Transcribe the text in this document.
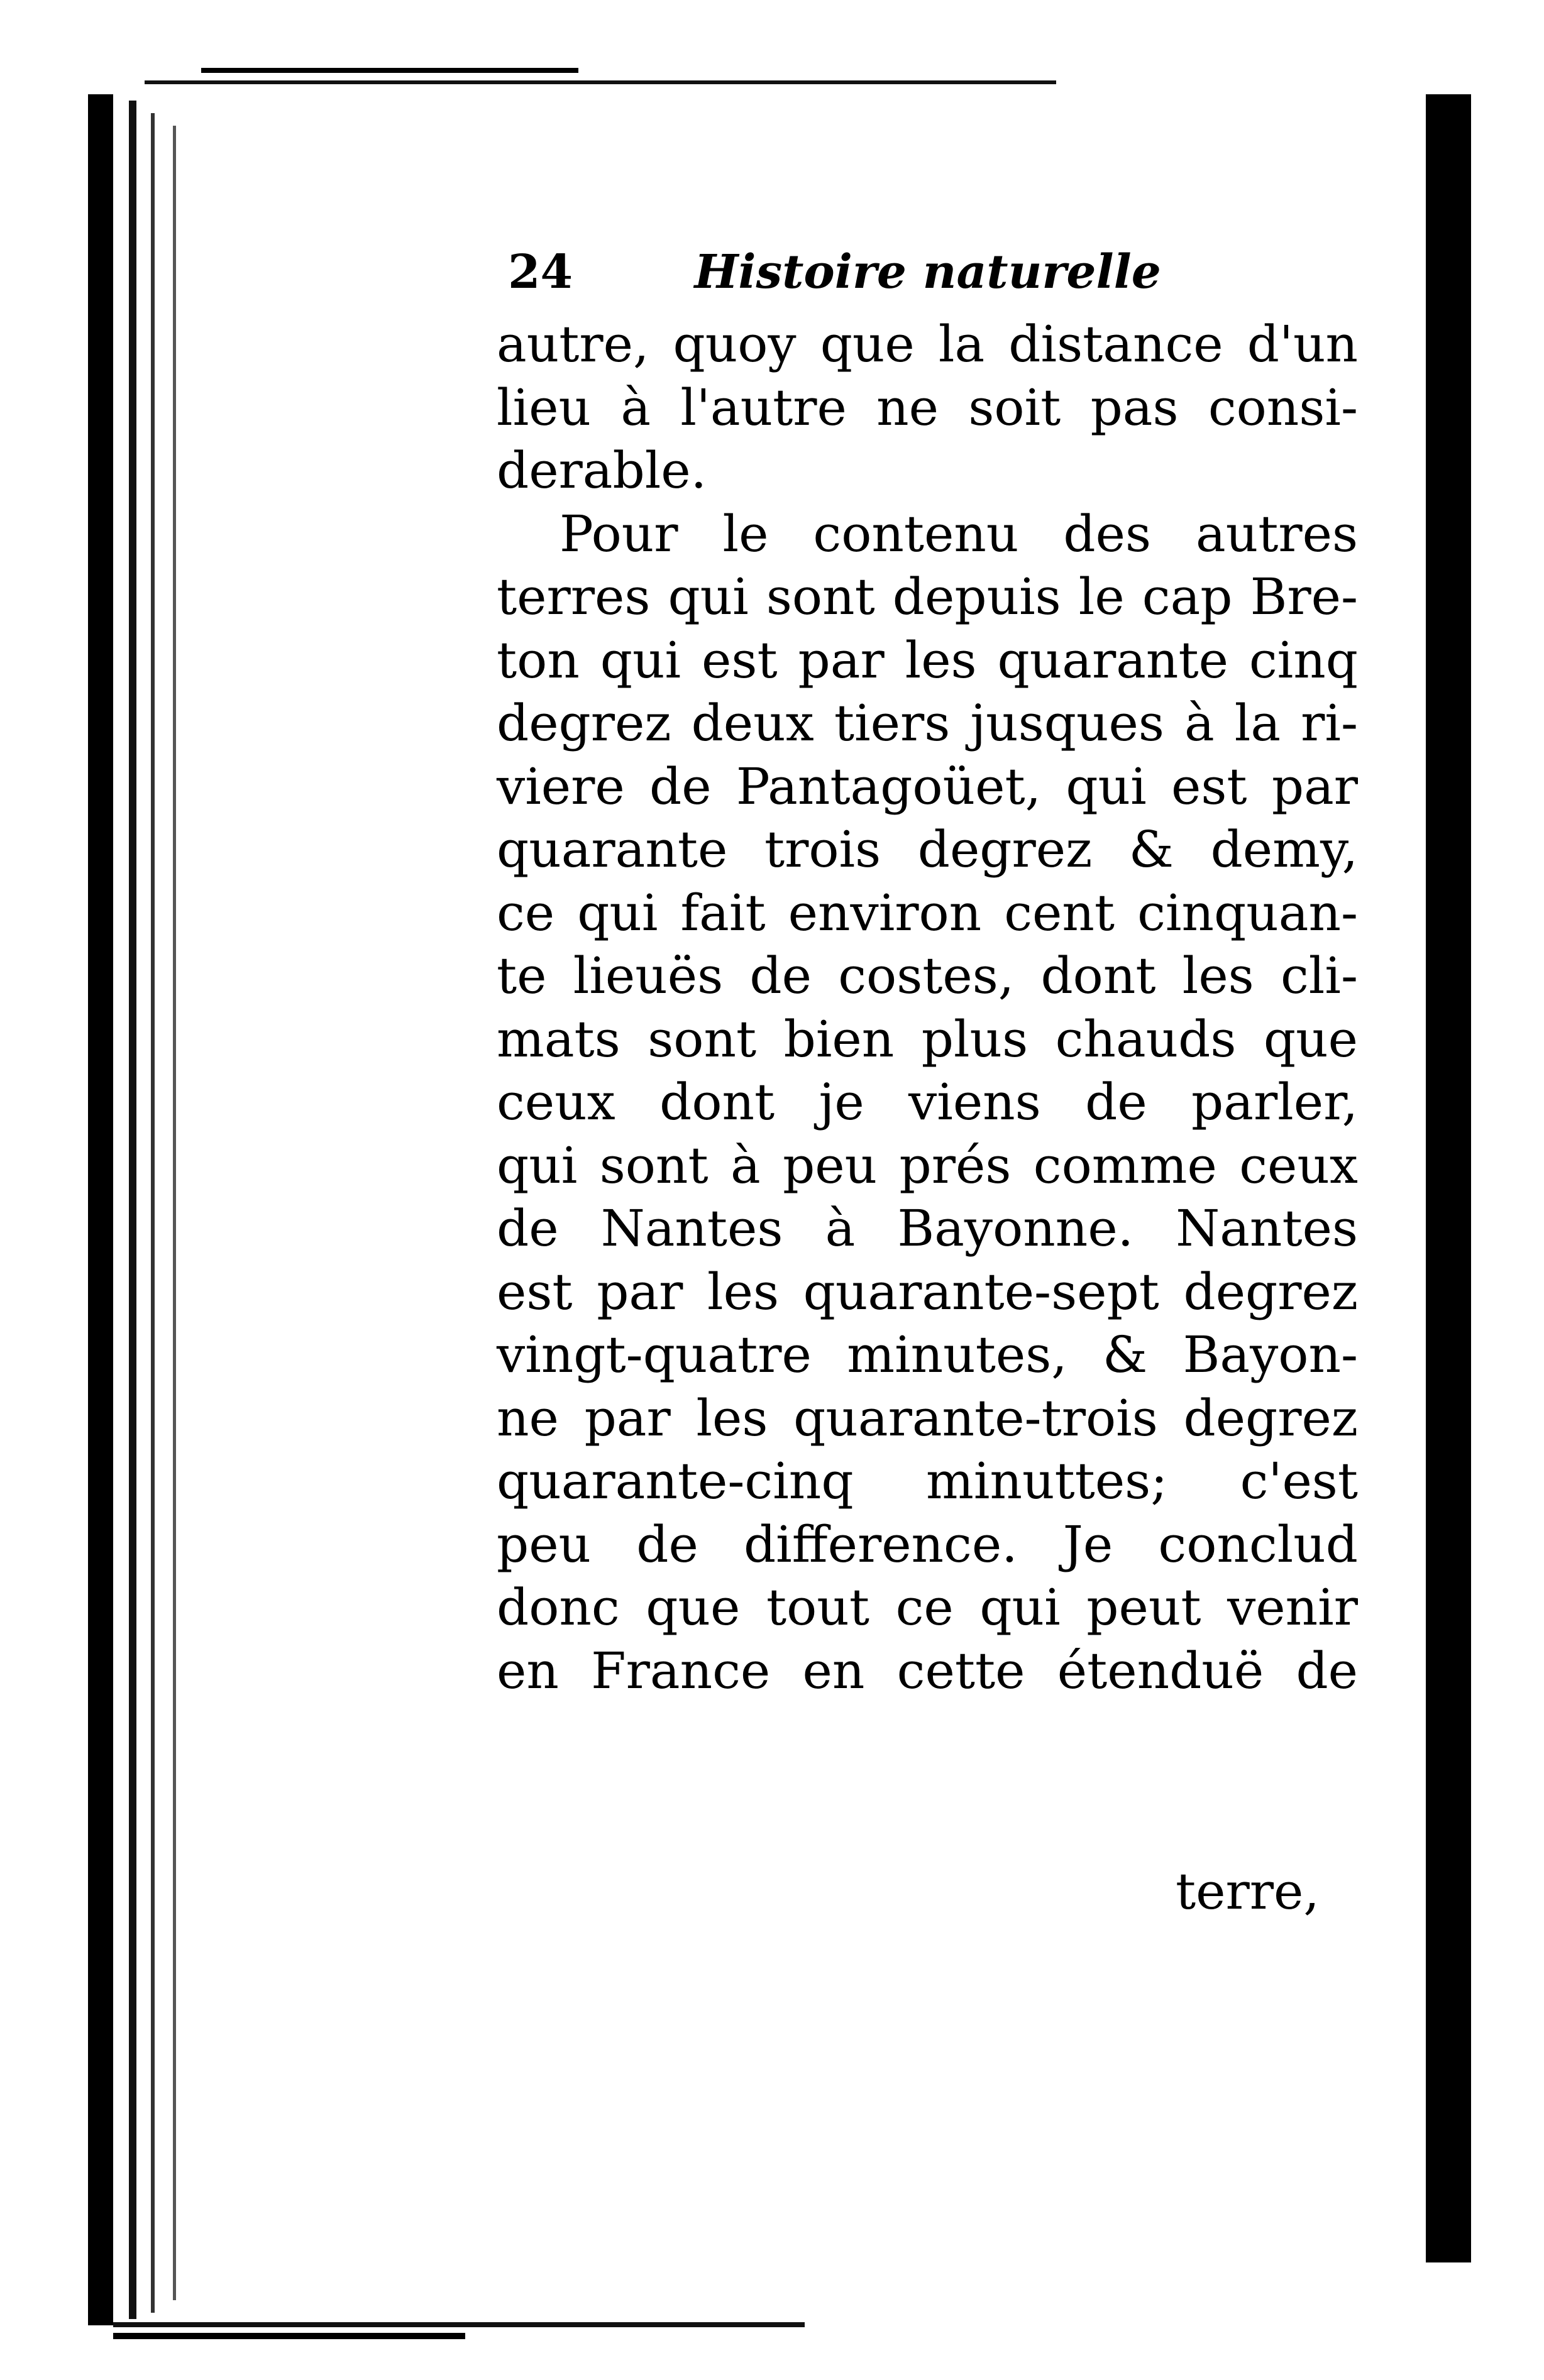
24	Histoire naturelle
autre, quoy que la distance d'un
lieu à l'autre ne soit pas consi-
derable.
Pour le contenu des autres
terres qui sont depuis le cap Bre-
ton qui est par les quarante cinq
degrez deux tiers jusques à la ri-
viere de Pantagoüet, qui est par
quarante trois degrez & demy,
ce qui fait environ cent cinquan-
te lieuës de costes, dont les cli-
mats sont bien plus chauds que
ceux dont je viens de parler,
qui sont à peu prés comme ceux
de Nantes à Bayonne. Nantes
est par les quarante-sept degrez
vingt-quatre minutes, & Bayon-
ne par les quarante-trois degrez
quarante-cinq minuttes; c'est
peu de difference. Je conclud
donc que tout ce qui peut venir
en France en cette étenduë de
terre,
